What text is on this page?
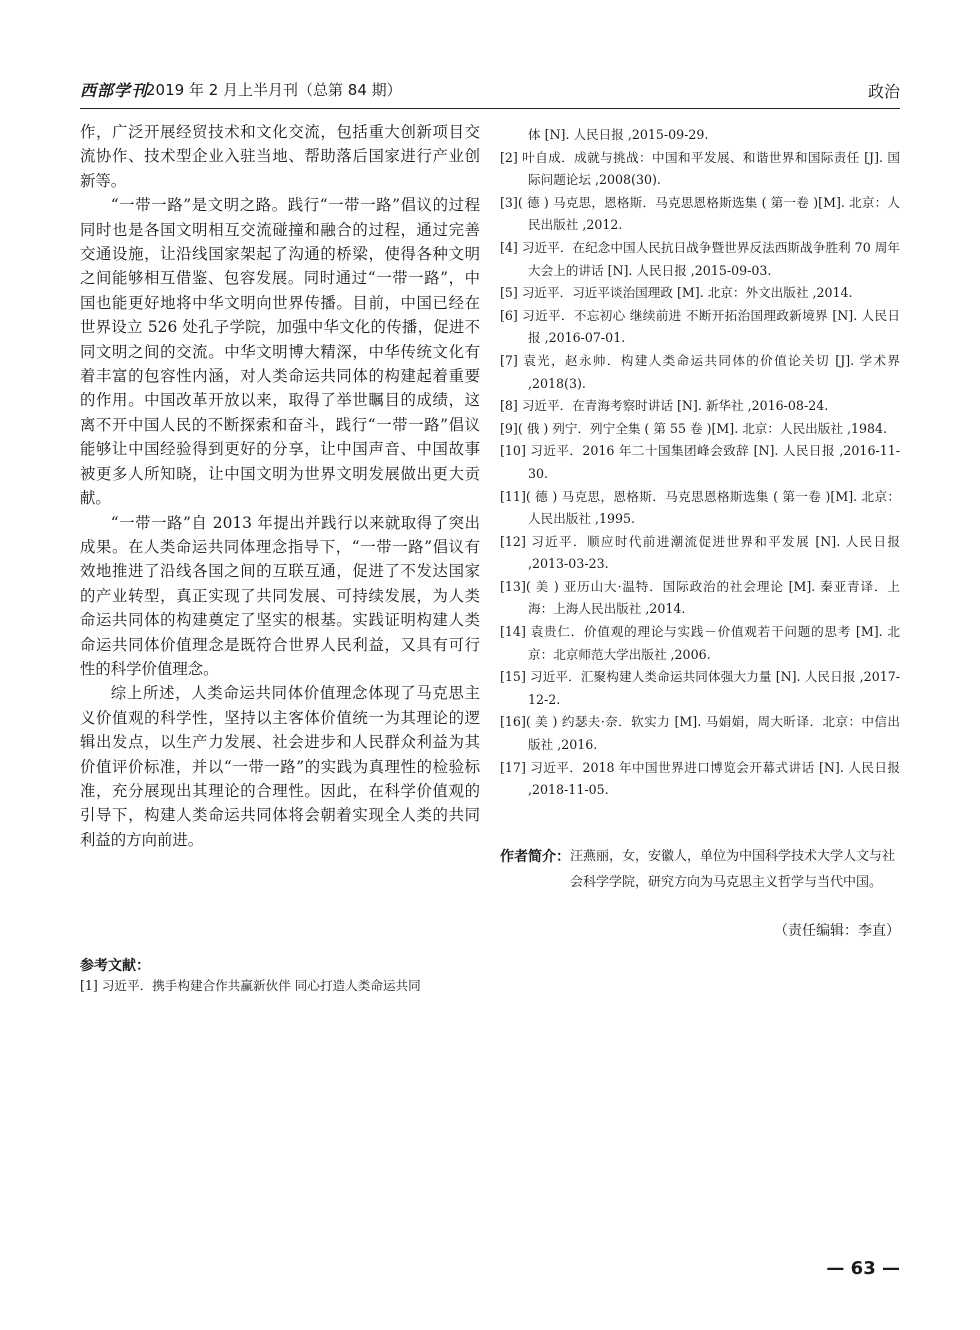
西部学刊
2019 年 2 月上半月刊（总第 84 期）	政治

作，广泛开展经贸技术和文化交流，包括重大创新项目交流协作、技术型企业入驻当地、帮助落后国家进行产业创新等。

“一带一路”是文明之路。践行“一带一路”倡议的过程同时也是各国文明相互交流碰撞和融合的过程，通过完善交通设施，让沿线国家架起了沟通的桥梁，使得各种文明之间能够相互借鉴、包容发展。同时通过“一带一路”，中国也能更好地将中华文明向世界传播。目前，中国已经在世界设立 526 处孔子学院，加强中华文化的传播，促进不同文明之间的交流。中华文明博大精深，中华传统文化有着丰富的包容性内涵，对人类命运共同体的构建起着重要的作用。中国改革开放以来，取得了举世瞩目的成绩，这离不开中国人民的不断探索和奋斗，践行“一带一路”倡议能够让中国经验得到更好的分享，让中国声音、中国故事被更多人所知晓，让中国文明为世界文明发展做出更大贡献。

“一带一路”自 2013 年提出并践行以来就取得了突出成果。在人类命运共同体理念指导下，“一带一路”倡议有效地推进了沿线各国之间的互联互通，促进了不发达国家的产业转型，真正实现了共同发展、可持续发展，为人类命运共同体的构建奠定了坚实的根基。实践证明构建人类命运共同体价值理念是既符合世界人民利益，又具有可行性的科学价值理念。

综上所述，人类命运共同体价值理念体现了马克思主义价值观的科学性，坚持以主客体价值统一为其理论的逻辑出发点，以生产力发展、社会进步和人民群众利益为其价值评价标准，并以“一带一路”的实践为真理性的检验标准，充分展现出其理论的合理性。因此，在科学价值观的引导下，构建人类命运共同体将会朝着实现全人类的共同利益的方向前进。

参考文献：
[1] 习近平．携手构建合作共赢新伙伴 同心打造人类命运共同
体 [N]. 人民日报 ,2015-09-29.
[2] 叶自成．成就与挑战：中国和平发展、和谐世界和国际责任 [J]. 国际问题论坛 ,2008(30).
[3]( 德 ) 马克思，恩格斯．马克思恩格斯选集 ( 第一卷 )[M]. 北京：人民出版社 ,2012.
[4] 习近平．在纪念中国人民抗日战争暨世界反法西斯战争胜利 70 周年大会上的讲话 [N]. 人民日报 ,2015-09-03.
[5] 习近平．习近平谈治国理政 [M]. 北京：外文出版社 ,2014.
[6] 习近平．不忘初心 继续前进 不断开拓治国理政新境界 [N]. 人民日报 ,2016-07-01.
[7] 袁光，赵永帅．构建人类命运共同体的价值论关切 [J]. 学术界 ,2018(3).
[8] 习近平．在青海考察时讲话 [N]. 新华社 ,2016-08-24.
[9]( 俄 ) 列宁．列宁全集 ( 第 55 卷 )[M]. 北京：人民出版社 ,1984.
[10] 习近平．2016 年二十国集团峰会致辞 [N]. 人民日报 ,2016-11-30.
[11]( 德 ) 马克思，恩格斯．马克思恩格斯选集 ( 第一卷 )[M]. 北京：人民出版社 ,1995.
[12] 习近平．顺应时代前进潮流促进世界和平发展 [N]. 人民日报 ,2013-03-23.
[13]( 美 ) 亚历山大·温特．国际政治的社会理论 [M]. 秦亚青译．上海：上海人民出版社 ,2014.
[14] 袁贵仁．价值观的理论与实践－价值观若干问题的思考 [M]. 北京：北京师范大学出版社 ,2006.
[15] 习近平．汇聚构建人类命运共同体强大力量 [N]. 人民日报 ,2017-12-2.
[16]( 美 ) 约瑟夫·奈．软实力 [M]. 马娟娟，周大昕译．北京：中信出版社 ,2016.
[17] 习近平．2018 年中国世界进口博览会开幕式讲话 [N]. 人民日报 ,2018-11-05.
作者简介： 汪燕丽，女，安徽人，单位为中国科学技术大学人文与社会科学学院，研究方向为马克思主义哲学与当代中国。
（责任编辑：李直）
— 63 —
